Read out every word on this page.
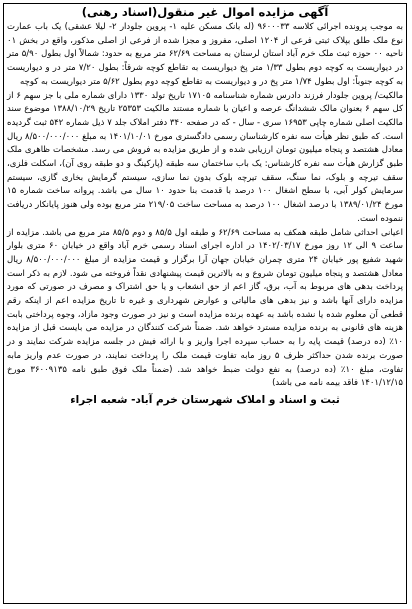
آگهی مزایده اموال غیر منقول(اسناد رهنی)

به موجب پرونده اجرائی کلاسه ۹۶۰۰۰۳۳ (له بانک مسکن علیه ۱- پروین جلودار ۲- لیلا عشقی) یک باب عمارت نوع ملک طلق بپلاک ثبتی فرعی از ۱۲۰۴ اصلی، مفروز و مجزا شده از فرعی از اصلی مذکور، واقع در بخش ۰۱ ناحیه ۰۰ حوزه ثبت ملک خرم آباد استان لرستان به مساحت ۶۲/۶۹ متر مربع به حدود: شمالاً اول بطول ۵/۹۰ متر در دیواریست به کوچه دوم بطول ۱/۳۳ متر پخ دیواریست به تقاطع کوچه شرقاً: بطول ۷/۲۰ متر در و دیواریست به کوچه جنوباً: اول بطول ۱/۷۴ متر پخ در و دیواریست به تقاطع کوچه دوم بطول ۵/۶۲ متر دیواریست به کوچه

مالکیت/ پروین جلودار فرزند دادرس شماره شناسنامه ۱۷۱۰۵ تاریخ تولد ۱۳۳۰ دارای شماره ملی با جز سهم ۶ از کل سهم ۶ بعنوان مالک ششدانگ عرصه و اعیان با شماره مستند مالکیت ۲۵۳۵۳ تاریخ ۱۳۸۸/۱۰/۲۹ موضوع سند مالکیت اصلی شماره چاپی ۱۶۹۵۳ سری - سال - که در صفحه ۳۴۰ دفتر املاک جلد ۷ ذیل شماره ۵۴۲ ثبت گردیده است. که طبق نظر هیأت سه نفره کارشناسان رسمی دادگستری مورخ ۱۴۰۱/۱۰/۰۱ به مبلغ ۸/۵۰۰/۰۰۰/۰۰۰ ریال معادل هشتصد و پنجاه میلیون تومان ارزیابی شده و از طریق مزایده به فروش می رسد. مشخصات ظاهری ملک طبق گزارش هیأت سه نفره کارشناس: یک باب ساختمان سه طبقه (پارکینگ و دو طبقه روی آن)، اسکلت فلزی، سقف تیرچه و بلوک، نما سنگ، سقف تیرچه بلوک بدون نما سازی، سیستم گرمایش بخاری گازی، سیستم سرمایش کولر آبی، با سطح اشغال ۱۰۰ درصد با قدمت بنا حدود ۱۰ سال می باشد. پروانه ساخت شماره ۱۵ مورخ ۱۳۸۹/۰۱/۲۴ با درصد اشغال ۱۰۰ درصد به مساحت ساخت ۲۱۹/۰۵ متر مربع بوده ولی هنوز پایانکار دریافت ننموده است.

اعیانی احداثی شامل طبقه همکف به مساحت ۶۲/۶۹ و طبقه اول ۸۵/۵ و دوم ۸۵/۵ متر مربع می باشد. مزایده از ساعت ۹ الی ۱۲ روز مورخ ۱۴۰۲/۰۳/۱۷ در اداره اجرای اسناد رسمی خرم آباد واقع در خیابان ۶۰ متری بلوار شهید شفیع پور خیابان ۲۴ متری چمران خیابان جهان آرا برگزار و قیمت مزایده از مبلغ ۸/۵۰۰/۰۰۰/۰۰۰ ریال معادل هشتصد و پنجاه میلیون تومان شروع و به بالاترین قیمت پیشنهادی نقداً فروخته می شود. لازم به ذکر است پرداخت بدهی های مربوط به آب، برق، گاز اعم از حق انشعاب و یا حق اشتراک و مصرف در صورتی که مورد مزایده دارای آنها باشد و نیز بدهی های مالیاتی و عوارض شهرداری و غیره تا تاریخ مزایده اعم از اینکه رقم قطعی آن معلوم شده یا نشده باشد به عهده برنده مزایده است و نیز در صورت وجود مازاد، وجوه پرداختی بابت هزینه های قانونی به برنده مزایده مسترد خواهد شد. ضمناً شرکت کنندگان در مزایده می بایست قبل از مزایده ۱۰٪ (ده درصد) قیمت پایه را به حساب سپرده اجرا واریز و با ارائه فیش در جلسه مزایده شرکت نمایند و در صورت برنده شدن حداکثر ظرف ۵ روز مابه تفاوت قیمت ملک را پرداخت نمایند، در صورت عدم واریز مابه تفاوت، مبلغ ۱۰٪ (ده درصد) به نفع دولت ضبط خواهد شد. (ضمناً ملک فوق طبق نامه ۳۶۰۰۹۱۳۵ مورخ ۱۴۰۱/۱۲/۱۵ فاقد بیمه نامه می باشد)

ثبت و اسناد و املاک شهرستان خرم آباد- شعبه اجراء
